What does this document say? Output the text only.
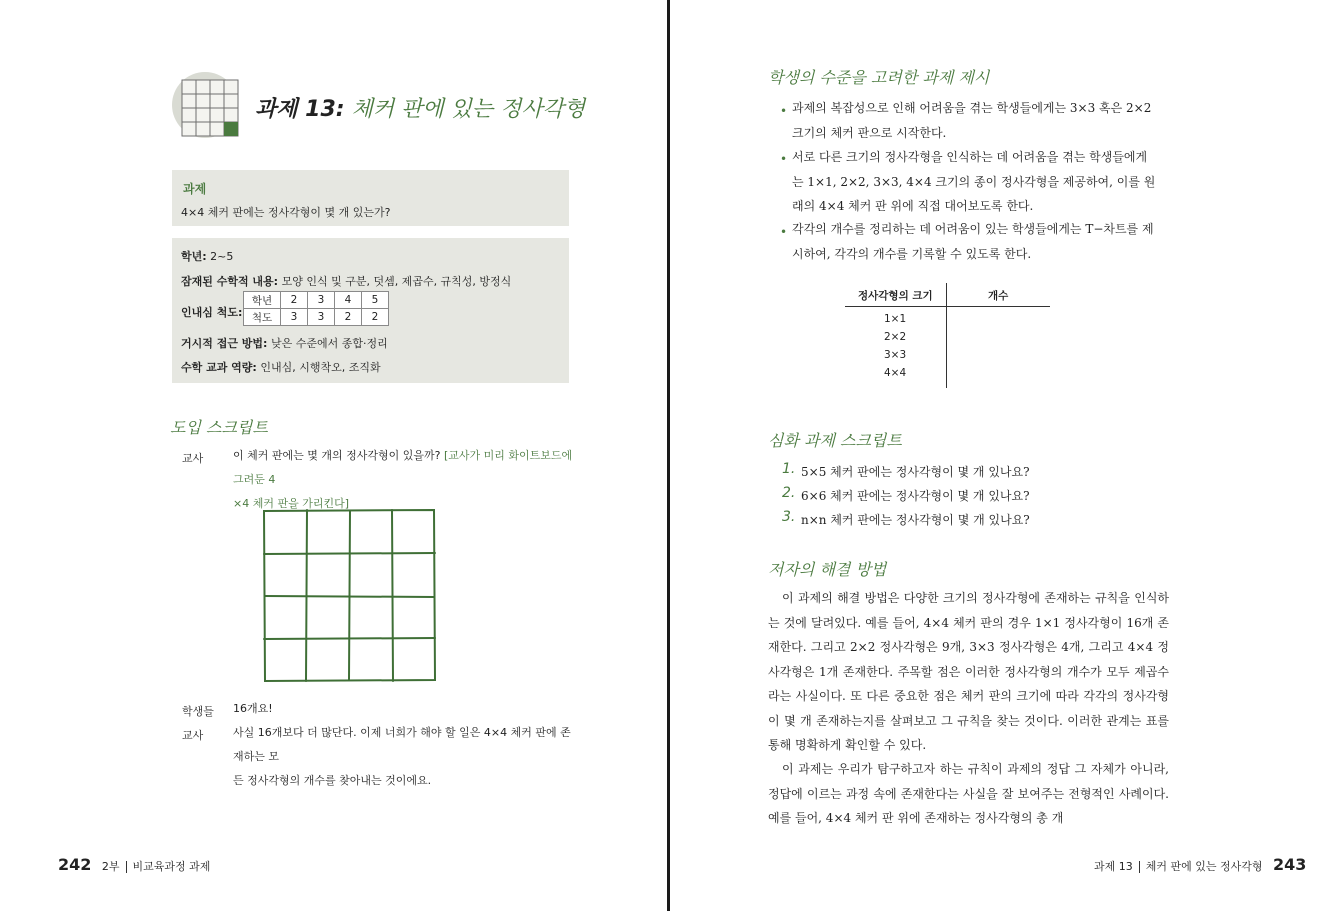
과제 13: 체커 판에 있는 정사각형
과제
4×4 체커 판에는 정사각형이 몇 개 있는가?
학년: 2~5
잠재된 수학적 내용: 모양 인식 및 구분, 덧셈, 제곱수, 규칙성, 방정식
인내심 척도:
학년	2	3	4	5
척도	3	3	2	2
거시적 접근 방법: 낮은 수준에서 종합·정리
수학 교과 역량: 인내심, 시행착오, 조직화
도입 스크립트
교사	이 체커 판에는 몇 개의 정사각형이 있을까? [교사가 미리 화이트보드에 그려둔 4
×4 체커 판을 가리킨다]
학생들 16개요!
교사	사실 16개보다 더 많단다. 이제 너희가 해야 할 일은 4×4 체커 판에 존재하는 모
든 정사각형의 개수를 찾아내는 것이에요.
242 2부 비교육과정 과제
학생의 수준을 고려한 과제 제시
• 과제의 복잡성으로 인해 어려움을 겪는 학생들에게는 3×3 혹은 2×2
크기의 체커 판으로 시작한다.
• 서로 다른 크기의 정사각형을 인식하는 데 어려움을 겪는 학생들에게
는 1×1, 2×2, 3×3, 4×4 크기의 종이 정사각형을 제공하여, 이를 원
래의 4×4 체커 판 위에 직접 대어보도록 한다.
• 각각의 개수를 정리하는 데 어려움이 있는 학생들에게는 T−차트를 제
시하여, 각각의 개수를 기록할 수 있도록 한다.
정사각형의 크기	개수
1×1
2×2
3×3
4×4
심화 과제 스크립트
1. 5×5 체커 판에는 정사각형이 몇 개 있나요?
2. 6×6 체커 판에는 정사각형이 몇 개 있나요?
3. n×n 체커 판에는 정사각형이 몇 개 있나요?
저자의 해결 방법
이 과제의 해결 방법은 다양한 크기의 정사각형에 존재하는 규칙을 인식하는 것에 달려있다. 예를 들어, 4×4 체커 판의 경우 1×1 정사각형이 16개 존재한다. 그리고 2×2 정사각형은 9개, 3×3 정사각형은 4개, 그리고 4×4 정사각형은 1개 존재한다. 주목할 점은 이러한 정사각형의 개수가 모두 제곱수라는 사실이다. 또 다른 중요한 점은 체커 판의 크기에 따라 각각의 정사각형이 몇 개 존재하는지를 살펴보고 그 규칙을 찾는 것이다. 이러한 관계는 표를 통해 명확하게 확인할 수 있다.
이 과제는 우리가 탐구하고자 하는 규칙이 과제의 정답 그 자체가 아니라, 정답에 이르는 과정 속에 존재한다는 사실을 잘 보여주는 전형적인 사례이다. 예를 들어, 4×4 체커 판 위에 존재하는 정사각형의 총 개
과제 13 체커 판에 있는 정사각형 243
